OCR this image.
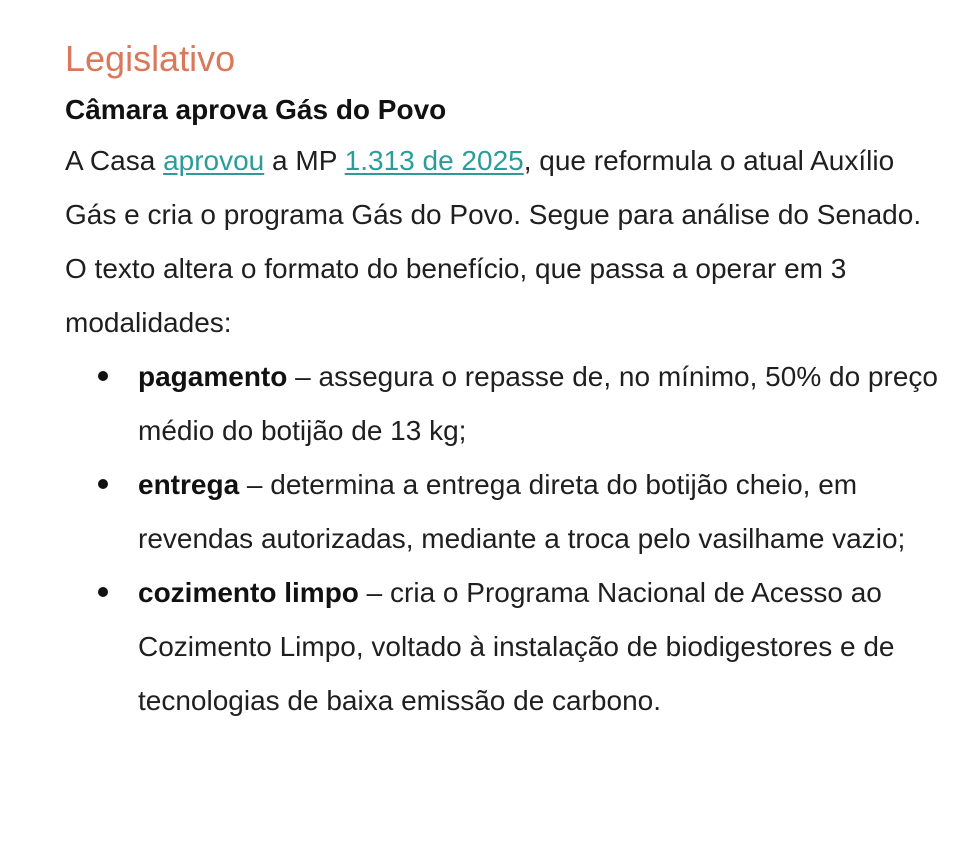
Legislativo
Câmara aprova Gás do Povo

A Casa aprovou a MP 1.313 de 2025, que reformula o atual Auxílio Gás e cria o programa Gás do Povo. Segue para análise do Senado. O texto altera o formato do benefício, que passa a operar em 3 modalidades:

pagamento – assegura o repasse de, no mínimo, 50% do preço médio do botijão de 13 kg;
entrega – determina a entrega direta do botijão cheio, em revendas autorizadas, mediante a troca pelo vasilhame vazio;
cozimento limpo – cria o Programa Nacional de Acesso ao Cozimento Limpo, voltado à instalação de biodigestores e de tecnologias de baixa emissão de carbono.
